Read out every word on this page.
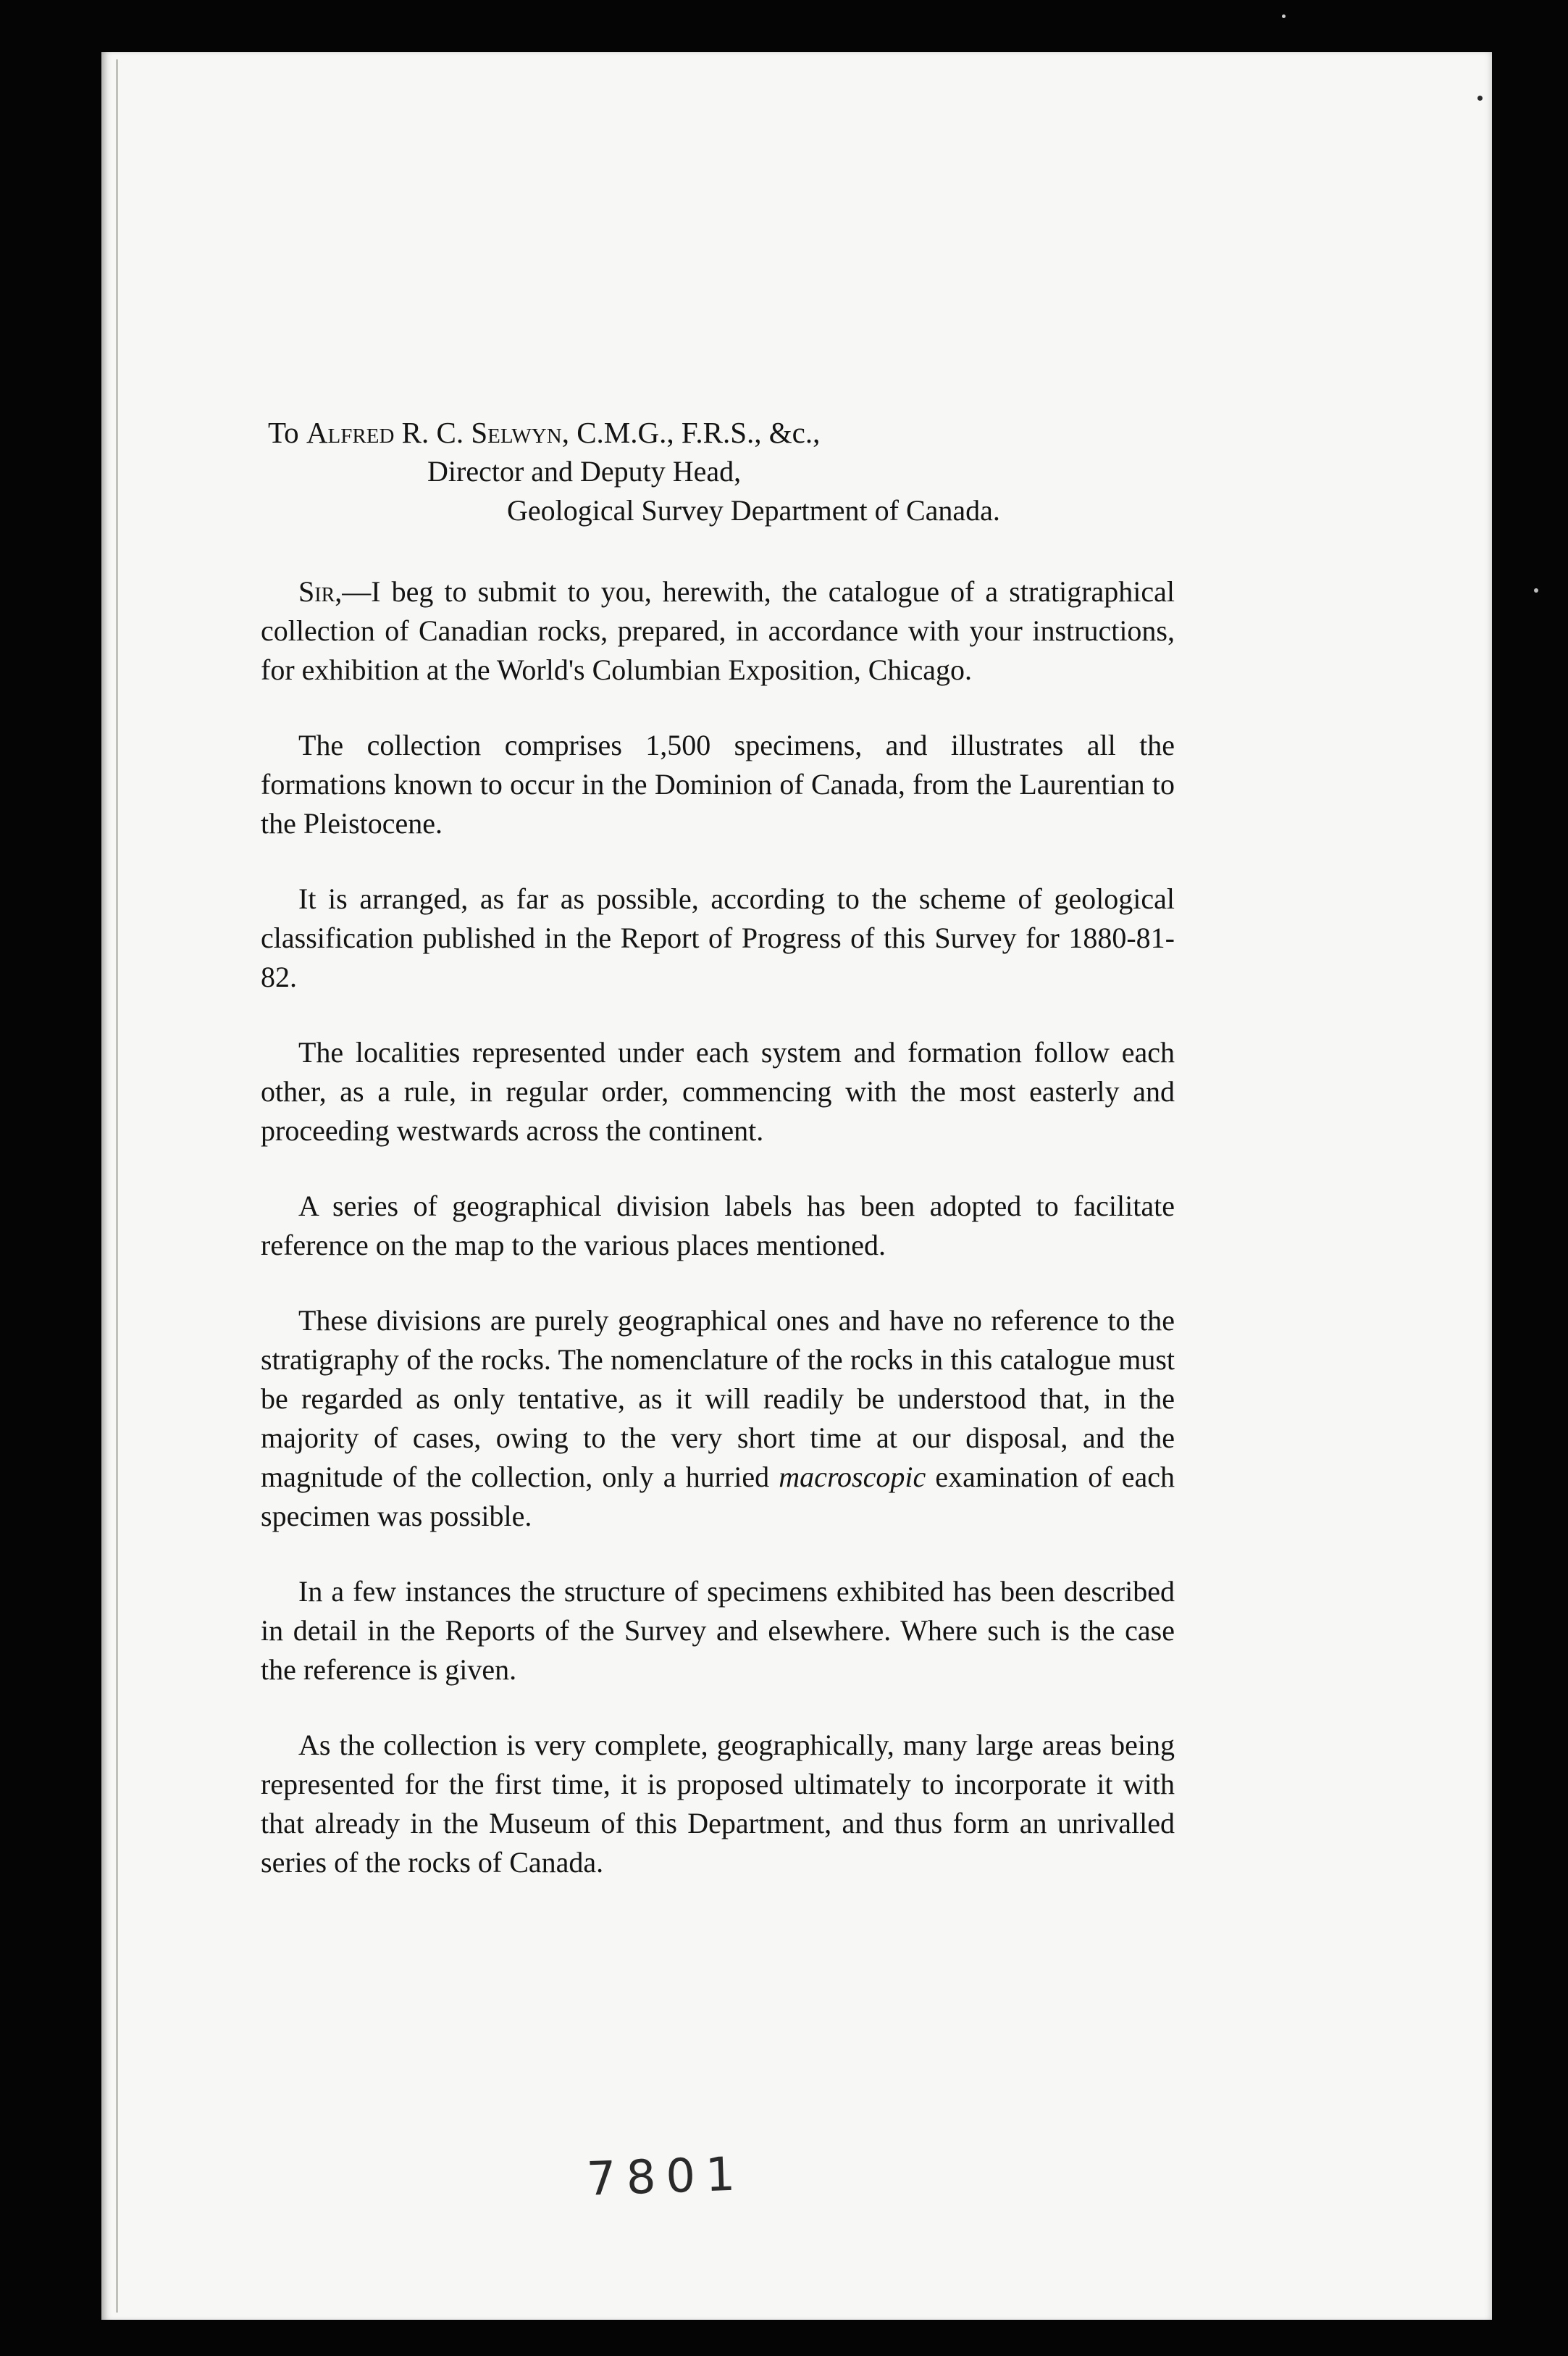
To Alfred R. C. Selwyn, C.M.G., F.R.S., &c.,
Director and Deputy Head,
Geological Survey Department of Canada.

Sir,—I beg to submit to you, herewith, the catalogue of a stratigraphical collection of Canadian rocks, prepared, in accordance with your instructions, for exhibition at the World's Columbian Exposition, Chicago.

The collection comprises 1,500 specimens, and illustrates all the formations known to occur in the Dominion of Canada, from the Laurentian to the Pleistocene.

It is arranged, as far as possible, according to the scheme of geological classification published in the Report of Progress of this Survey for 1880-81-82.

The localities represented under each system and formation follow each other, as a rule, in regular order, commencing with the most easterly and proceeding westwards across the continent.

A series of geographical division labels has been adopted to facilitate reference on the map to the various places mentioned.

These divisions are purely geographical ones and have no reference to the stratigraphy of the rocks. The nomenclature of the rocks in this catalogue must be regarded as only tentative, as it will readily be understood that, in the majority of cases, owing to the very short time at our disposal, and the magnitude of the collection, only a hurried macroscopic examination of each specimen was possible.

In a few instances the structure of specimens exhibited has been described in detail in the Reports of the Survey and elsewhere. Where such is the case the reference is given.

As the collection is very complete, geographically, many large areas being represented for the first time, it is proposed ultimately to incorporate it with that already in the Museum of this Department, and thus form an unrivalled series of the rocks of Canada.

7801
